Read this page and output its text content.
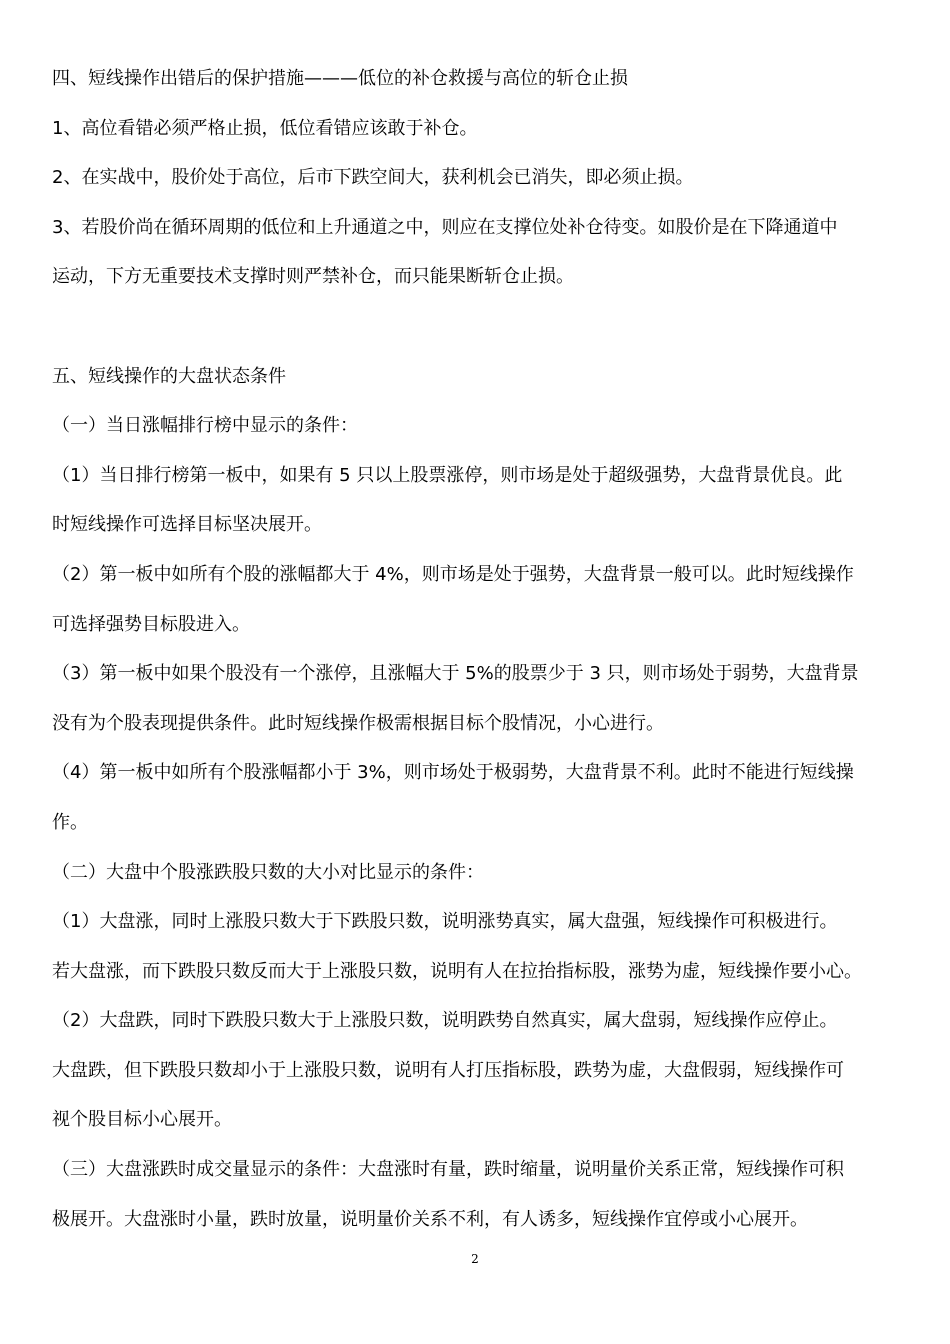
四、短线操作出错后的保护措施———低位的补仓救援与高位的斩仓止损
1、高位看错必须严格止损，低位看错应该敢于补仓。
2、在实战中，股价处于高位，后市下跌空间大，获利机会已消失，即必须止损。
3、若股价尚在循环周期的低位和上升通道之中，则应在支撑位处补仓待变。如股价是在下降通道中
运动，下方无重要技术支撑时则严禁补仓，而只能果断斩仓止损。
五、短线操作的大盘状态条件
（一）当日涨幅排行榜中显示的条件：
（1）当日排行榜第一板中，如果有 5 只以上股票涨停，则市场是处于超级强势，大盘背景优良。此
时短线操作可选择目标坚决展开。
（2）第一板中如所有个股的涨幅都大于 4%，则市场是处于强势，大盘背景一般可以。此时短线操作
可选择强势目标股进入。
（3）第一板中如果个股没有一个涨停，且涨幅大于 5%的股票少于 3 只，则市场处于弱势，大盘背景
没有为个股表现提供条件。此时短线操作极需根据目标个股情况，小心进行。
（4）第一板中如所有个股涨幅都小于 3%，则市场处于极弱势，大盘背景不利。此时不能进行短线操
作。
（二）大盘中个股涨跌股只数的大小对比显示的条件：
（1）大盘涨，同时上涨股只数大于下跌股只数，说明涨势真实，属大盘强，短线操作可积极进行。
若大盘涨，而下跌股只数反而大于上涨股只数，说明有人在拉抬指标股，涨势为虚，短线操作要小心。
（2）大盘跌，同时下跌股只数大于上涨股只数，说明跌势自然真实，属大盘弱，短线操作应停止。
大盘跌，但下跌股只数却小于上涨股只数，说明有人打压指标股，跌势为虚，大盘假弱，短线操作可
视个股目标小心展开。
（三）大盘涨跌时成交量显示的条件：大盘涨时有量，跌时缩量，说明量价关系正常，短线操作可积
极展开。大盘涨时小量，跌时放量，说明量价关系不利，有人诱多，短线操作宜停或小心展开。
2
